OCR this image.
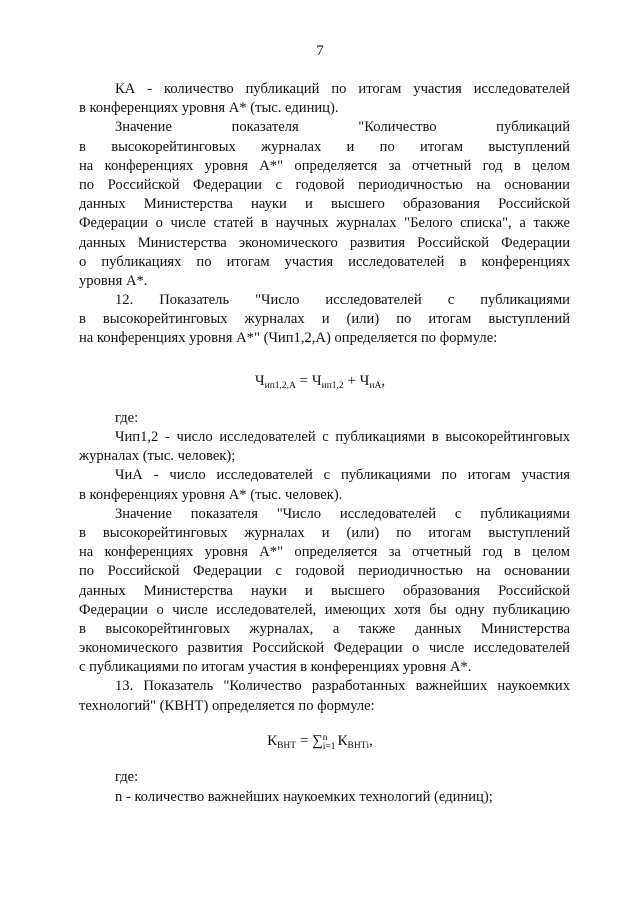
7
КА - количество публикаций по итогам участия исследователей
в конференциях уровня А* (тыс. единиц).
Значение показателя "Количество публикаций
в высокорейтинговых журналах и по итогам выступлений
на конференциях уровня А*" определяется за отчетный год в целом
по Российской Федерации с годовой периодичностью на основании
данных Министерства науки и высшего образования Российской
Федерации о числе статей в научных журналах "Белого списка", а также
данных Министерства экономического развития Российской Федерации
о публикациях по итогам участия исследователей в конференциях
уровня А*.
12. Показатель "Число исследователей с публикациями
в высокорейтинговых журналах и (или) по итогам выступлений
на конференциях уровня А*" (Чип1,2,А) определяется по формуле:
$Ч_{ип1,2,А} = Ч_{ип1,2} + Ч_{иА}$,
где:
Чип1,2 - число исследователей с публикациями в высокорейтинговых
журналах (тыс. человек);
ЧиА - число исследователей с публикациями по итогам участия
в конференциях уровня А* (тыс. человек).
Значение показателя "Число исследователей с публикациями
в высокорейтинговых журналах и (или) по итогам выступлений
на конференциях уровня А*" определяется за отчетный год в целом
по Российской Федерации с годовой периодичностью на основании
данных Министерства науки и высшего образования Российской
Федерации о числе исследователей, имеющих хотя бы одну публикацию
в высокорейтинговых журналах, а также данных Министерства
экономического развития Российской Федерации о числе исследователей
с публикациями по итогам участия в конференциях уровня А*.
13. Показатель "Количество разработанных важнейших наукоемких
технологий" (КВНТ) определяется по формуле:
$К_{ВНТ}$ = ∑ n
i=1 $К_{ВНТi}$,
где:
n - количество важнейших наукоемких технологий (единиц);
